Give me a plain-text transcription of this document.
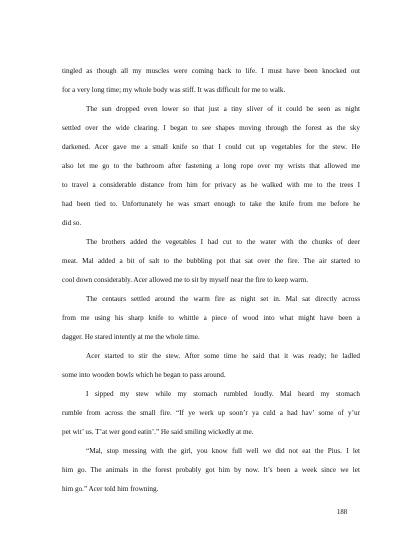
tingled as though all my muscles were coming back to life. I must have been knocked out
for a very long time; my whole body was stiff. It was difficult for me to walk.
The sun dropped even lower so that just a tiny sliver of it could be seen as night
settled over the wide clearing. I began to see shapes moving through the forest as the sky
darkened. Acer gave me a small knife so that I could cut up vegetables for the stew. He
also let me go to the bathroom after fastening a long rope over my wrists that allowed me
to travel a considerable distance from him for privacy as he walked with me to the trees I
had been tied to. Unfortunately he was smart enough to take the knife from me before he
did so.
The brothers added the vegetables I had cut to the water with the chunks of deer
meat. Mal added a bit of salt to the bubbling pot that sat over the fire. The air started to
cool down considerably. Acer allowed me to sit by myself near the fire to keep warm.
The centaurs settled around the warm fire as night set in. Mal sat directly across
from me using his sharp knife to whittle a piece of wood into what might have been a
dagger. He stared intently at me the whole time.
Acer started to stir the stew. After some time he said that it was ready; he ladled
some into wooden bowls which he began to pass around.
I sipped my stew while my stomach rumbled loudly. Mal heard my stomach
rumble from across the small fire. “If ye werk up soon’r ya culd a had hav’ some of y’ur
pet wit’ us. T’at wer good eatin’.” He said smiling wickedly at me.
“Mal, stop messing with the girl, you know full well we did not eat the Pius. I let
him go. The animals in the forest probably got him by now. It’s been a week since we let
him go.” Acer told him frowning.
188
